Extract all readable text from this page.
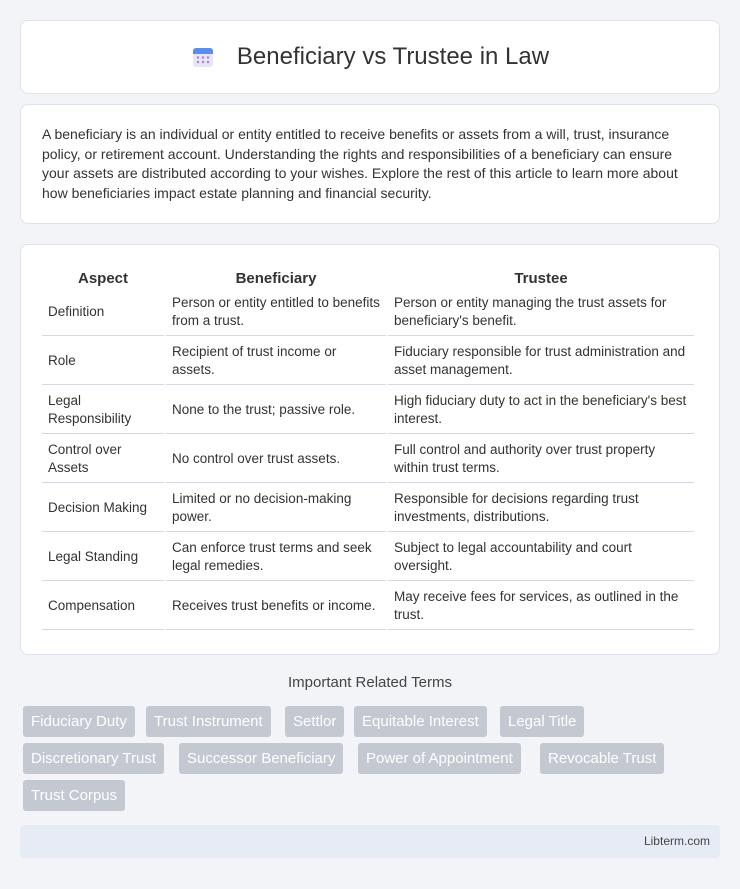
Beneficiary vs Trustee in Law

A beneficiary is an individual or entity entitled to receive benefits or assets from a will, trust, insurance policy, or retirement account. Understanding the rights and responsibilities of a beneficiary can ensure your assets are distributed according to your wishes. Explore the rest of this article to learn more about how beneficiaries impact estate planning and financial security.

Aspect	Beneficiary	Trustee
Definition	Person or entity entitled to benefits from a trust.	Person or entity managing the trust assets for beneficiary's benefit.
Role	Recipient of trust income or assets.	Fiduciary responsible for trust administration and asset management.
Legal Responsibility	None to the trust; passive role.	High fiduciary duty to act in the beneficiary's best interest.
Control over Assets	No control over trust assets.	Full control and authority over trust property within trust terms.
Decision Making	Limited or no decision-making power.	Responsible for decisions regarding trust investments, distributions.
Legal Standing	Can enforce trust terms and seek legal remedies.	Subject to legal accountability and court oversight.
Compensation	Receives trust benefits or income.	May receive fees for services, as outlined in the trust.
Important Related Terms
Fiduciary Duty	Trust Instrument	Settlor	Equitable Interest	Legal Title
Discretionary Trust	Successor Beneficiary	Power of Appointment	Revocable Trust
Trust Corpus
Libterm.com
